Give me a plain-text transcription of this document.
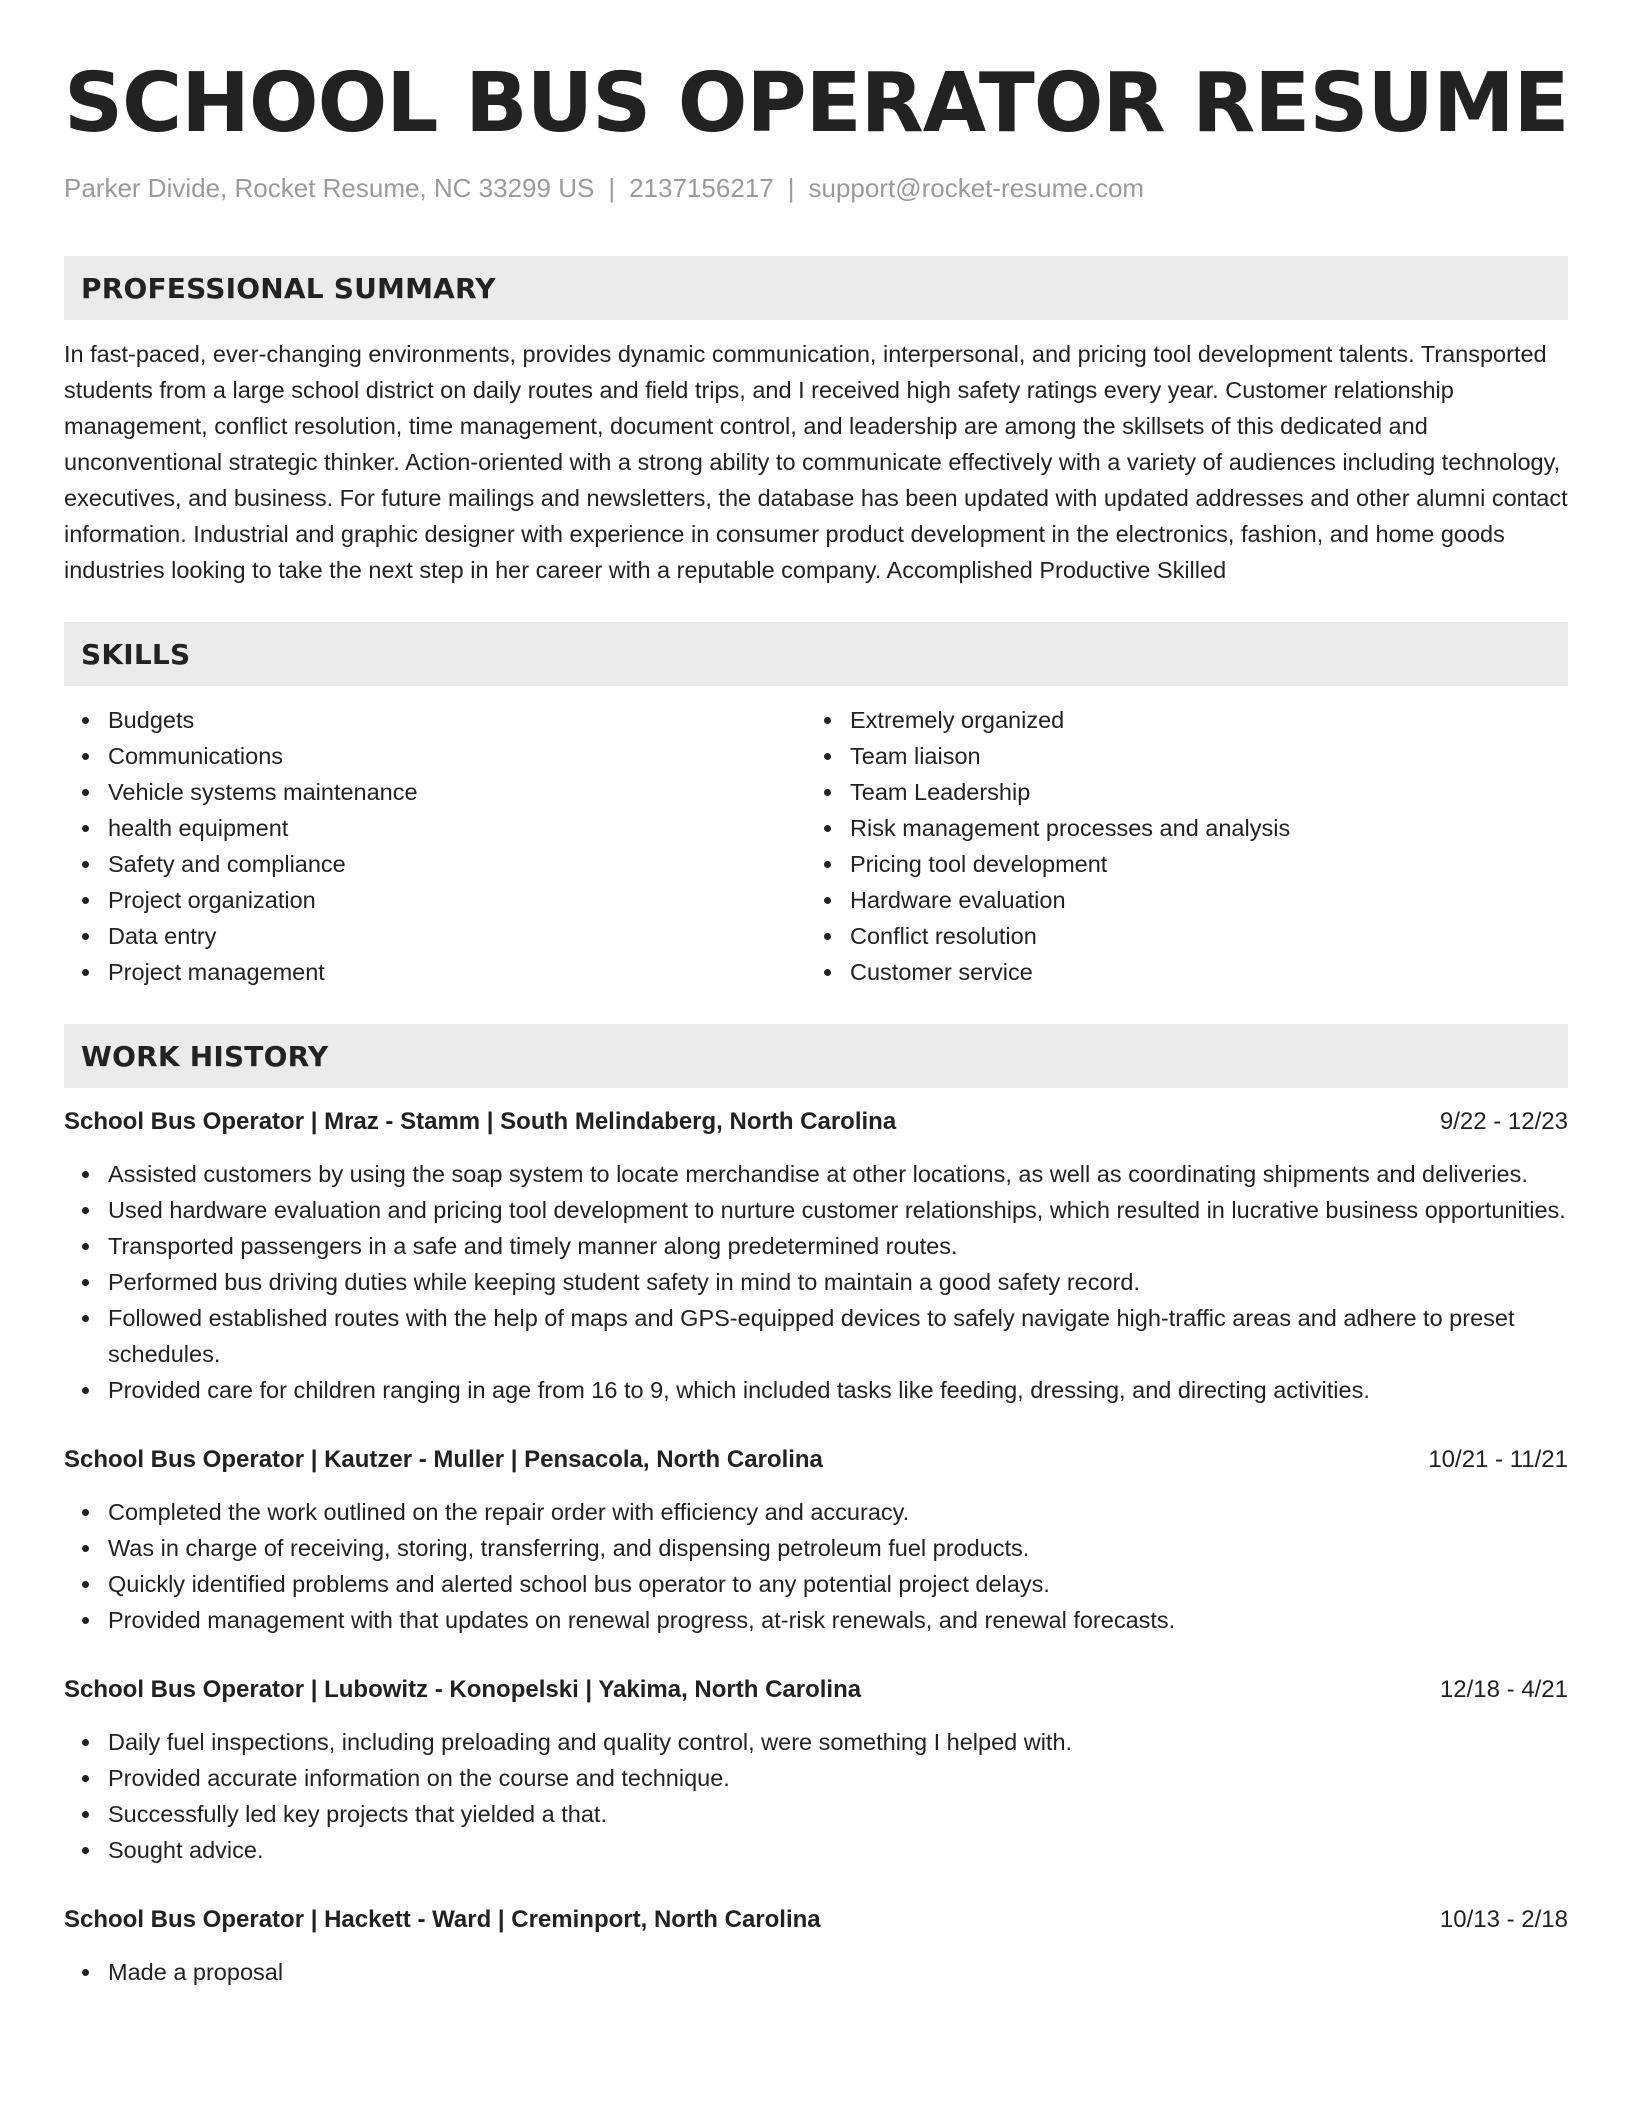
SCHOOL BUS OPERATOR RESUME
Parker Divide, Rocket Resume, NC 33299 US | 2137156217 | support@rocket-resume.com
PROFESSIONAL SUMMARY

In fast-paced, ever-changing environments, provides dynamic communication, interpersonal, and pricing tool development talents. Transported students from a large school district on daily routes and field trips, and I received high safety ratings every year. Customer relationship management, conflict resolution, time management, document control, and leadership are among the skillsets of this dedicated and unconventional strategic thinker. Action-oriented with a strong ability to communicate effectively with a variety of audiences including technology, executives, and business. For future mailings and newsletters, the database has been updated with updated addresses and other alumni contact information. Industrial and graphic designer with experience in consumer product development in the electronics, fashion, and home goods industries looking to take the next step in her career with a reputable company. Accomplished Productive Skilled

SKILLS
Budgets
Communications
Vehicle systems maintenance
health equipment
Safety and compliance
Project organization
Data entry
Project management
Extremely organized
Team liaison
Team Leadership
Risk management processes and analysis
Pricing tool development
Hardware evaluation
Conflict resolution
Customer service
WORK HISTORY
School Bus Operator | Mraz - Stamm | South Melindaberg, North Carolina	9/22 - 12/23
Assisted customers by using the soap system to locate merchandise at other locations, as well as coordinating shipments and deliveries.
Used hardware evaluation and pricing tool development to nurture customer relationships, which resulted in lucrative business opportunities.
Transported passengers in a safe and timely manner along predetermined routes.
Performed bus driving duties while keeping student safety in mind to maintain a good safety record.
Followed established routes with the help of maps and GPS-equipped devices to safely navigate high-traffic areas and adhere to preset schedules.
Provided care for children ranging in age from 16 to 9, which included tasks like feeding, dressing, and directing activities.
School Bus Operator | Kautzer - Muller | Pensacola, North Carolina	10/21 - 11/21
Completed the work outlined on the repair order with efficiency and accuracy.
Was in charge of receiving, storing, transferring, and dispensing petroleum fuel products.
Quickly identified problems and alerted school bus operator to any potential project delays.
Provided management with that updates on renewal progress, at-risk renewals, and renewal forecasts.
School Bus Operator | Lubowitz - Konopelski | Yakima, North Carolina	12/18 - 4/21
Daily fuel inspections, including preloading and quality control, were something I helped with.
Provided accurate information on the course and technique.
Successfully led key projects that yielded a that.
Sought advice.
School Bus Operator | Hackett - Ward | Creminport, North Carolina	10/13 - 2/18
Made a proposal
